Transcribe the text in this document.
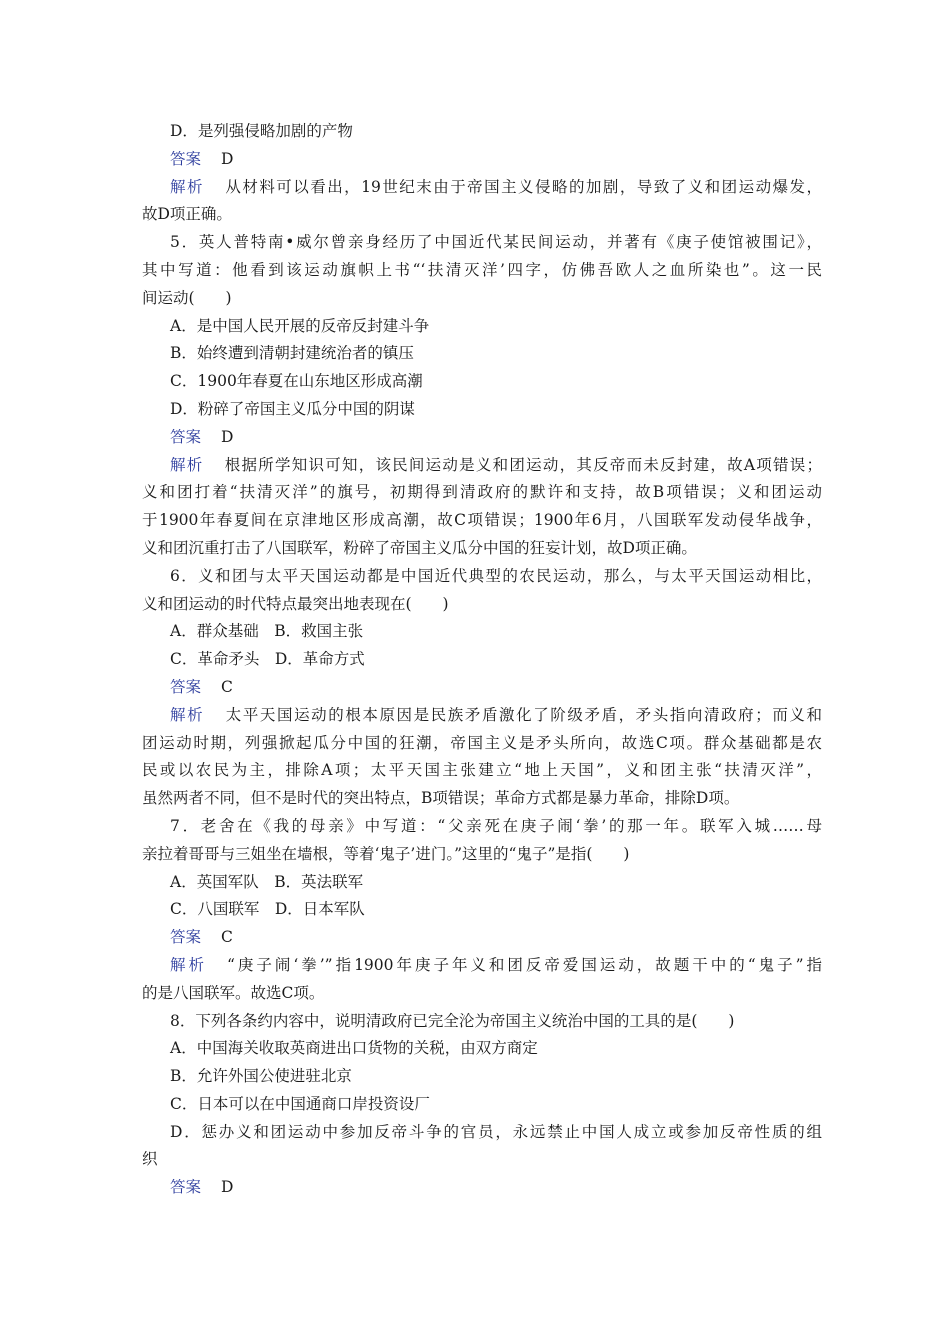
D．是列强侵略加剧的产物
答案 D
解析 从材料可以看出，19世纪末由于帝国主义侵略的加剧，导致了义和团运动爆发，
故D项正确。
5．英人普特南•威尔曾亲身经历了中国近代某民间运动，并著有《庚子使馆被围记》，
其中写道：他看到该运动旗帜上书“‘扶清灭洋’四字，仿佛吾欧人之血所染也”。这一民
间运动(　　)
A．是中国人民开展的反帝反封建斗争
B．始终遭到清朝封建统治者的镇压
C．1900年春夏在山东地区形成高潮
D．粉碎了帝国主义瓜分中国的阴谋
答案 D
解析 根据所学知识可知，该民间运动是义和团运动，其反帝而未反封建，故A项错误；
义和团打着“扶清灭洋”的旗号，初期得到清政府的默许和支持，故B项错误；义和团运动
于1900年春夏间在京津地区形成高潮，故C项错误；1900年6月，八国联军发动侵华战争，
义和团沉重打击了八国联军，粉碎了帝国主义瓜分中国的狂妄计划，故D项正确。
6．义和团与太平天国运动都是中国近代典型的农民运动，那么，与太平天国运动相比，
义和团运动的时代特点最突出地表现在(　　)
A．群众基础　B．救国主张
C．革命矛头　D．革命方式
答案 C
解析 太平天国运动的根本原因是民族矛盾激化了阶级矛盾，矛头指向清政府；而义和
团运动时期，列强掀起瓜分中国的狂潮，帝国主义是矛头所向，故选C项。群众基础都是农
民或以农民为主，排除A项；太平天国主张建立“地上天国”，义和团主张“扶清灭洋”，
虽然两者不同，但不是时代的突出特点，B项错误；革命方式都是暴力革命，排除D项。
7．老舍在《我的母亲》中写道：“父亲死在庚子闹‘拳’的那一年。联军入城……母
亲拉着哥哥与三姐坐在墙根，等着‘鬼子’进门。”这里的“鬼子”是指(　　)
A．英国军队　B．英法联军
C．八国联军　D．日本军队
答案 C
解析 “庚子闹‘拳’”指1900年庚子年义和团反帝爱国运动，故题干中的“鬼子”指
的是八国联军。故选C项。
8．下列各条约内容中，说明清政府已完全沦为帝国主义统治中国的工具的是(　　)
A．中国海关收取英商进出口货物的关税，由双方商定
B．允许外国公使进驻北京
C．日本可以在中国通商口岸投资设厂
D．惩办义和团运动中参加反帝斗争的官员，永远禁止中国人成立或参加反帝性质的组
织
答案 D
